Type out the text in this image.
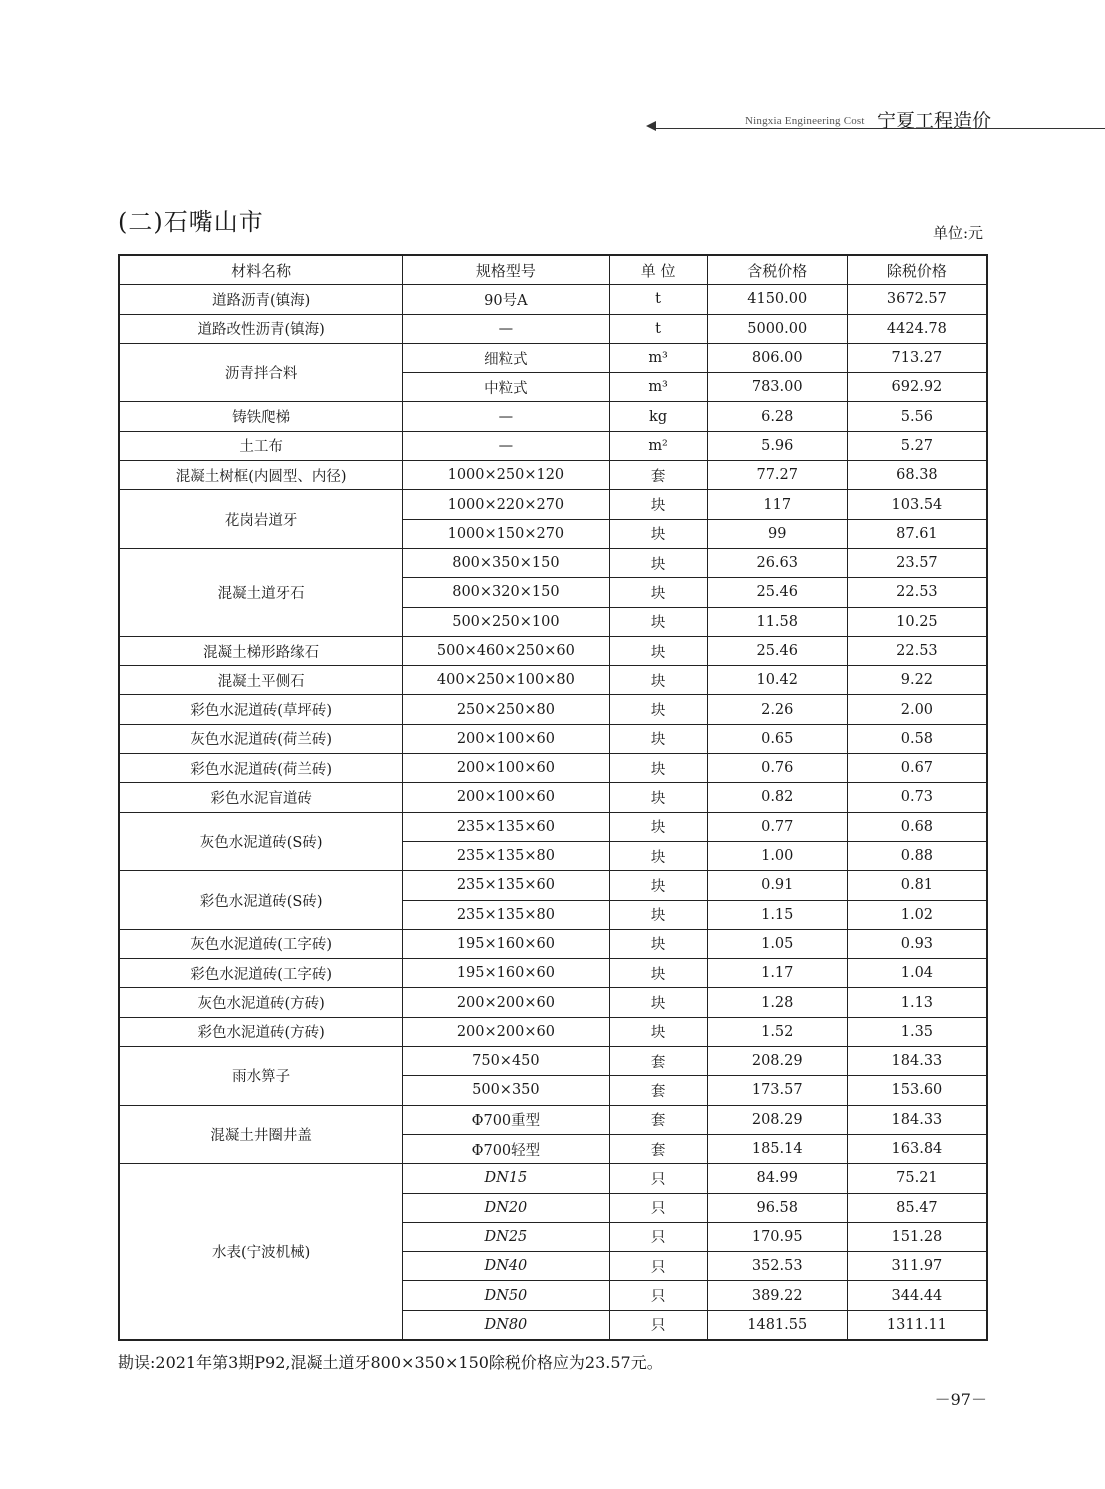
Ningxia Engineering Cost 宁夏工程造价
(二)石嘴山市	单位:元
材料名称	规格型号	单 位	含税价格	除税价格
道路沥青(镇海)	90号A	t	4150.00	3672.57
道路改性沥青(镇海)	—	t	5000.00	4424.78
沥青拌合料	细粒式	m³	806.00	713.27
	中粒式	m³	783.00	692.92
铸铁爬梯	—	kg	6.28	5.56
土工布	—	m²	5.96	5.27
混凝土树框(内圆型、内径)	1000×250×120	套	77.27	68.38
花岗岩道牙	1000×220×270	块	117	103.54
	1000×150×270	块	99	87.61
混凝土道牙石	800×350×150	块	26.63	23.57
	800×320×150	块	25.46	22.53
	500×250×100	块	11.58	10.25
混凝土梯形路缘石	500×460×250×60	块	25.46	22.53
混凝土平侧石	400×250×100×80	块	10.42	9.22
彩色水泥道砖(草坪砖)	250×250×80	块	2.26	2.00
灰色水泥道砖(荷兰砖)	200×100×60	块	0.65	0.58
彩色水泥道砖(荷兰砖)	200×100×60	块	0.76	0.67
彩色水泥盲道砖	200×100×60	块	0.82	0.73
灰色水泥道砖(S砖)	235×135×60	块	0.77	0.68
	235×135×80	块	1.00	0.88
彩色水泥道砖(S砖)	235×135×60	块	0.91	0.81
	235×135×80	块	1.15	1.02
灰色水泥道砖(工字砖)	195×160×60	块	1.05	0.93
彩色水泥道砖(工字砖)	195×160×60	块	1.17	1.04
灰色水泥道砖(方砖)	200×200×60	块	1.28	1.13
彩色水泥道砖(方砖)	200×200×60	块	1.52	1.35
雨水箅子	750×450	套	208.29	184.33
	500×350	套	173.57	153.60
混凝土井圈井盖	Φ700重型	套	208.29	184.33
	Φ700轻型	套	185.14	163.84
水表(宁波机械)	DN15	只	84.99	75.21
	DN20	只	96.58	85.47
	DN25	只	170.95	151.28
	DN40	只	352.53	311.97
	DN50	只	389.22	344.44
	DN80	只	1481.55	1311.11
勘误:2021年第3期P92,混凝土道牙800×350×150除税价格应为23.57元。
－97－
